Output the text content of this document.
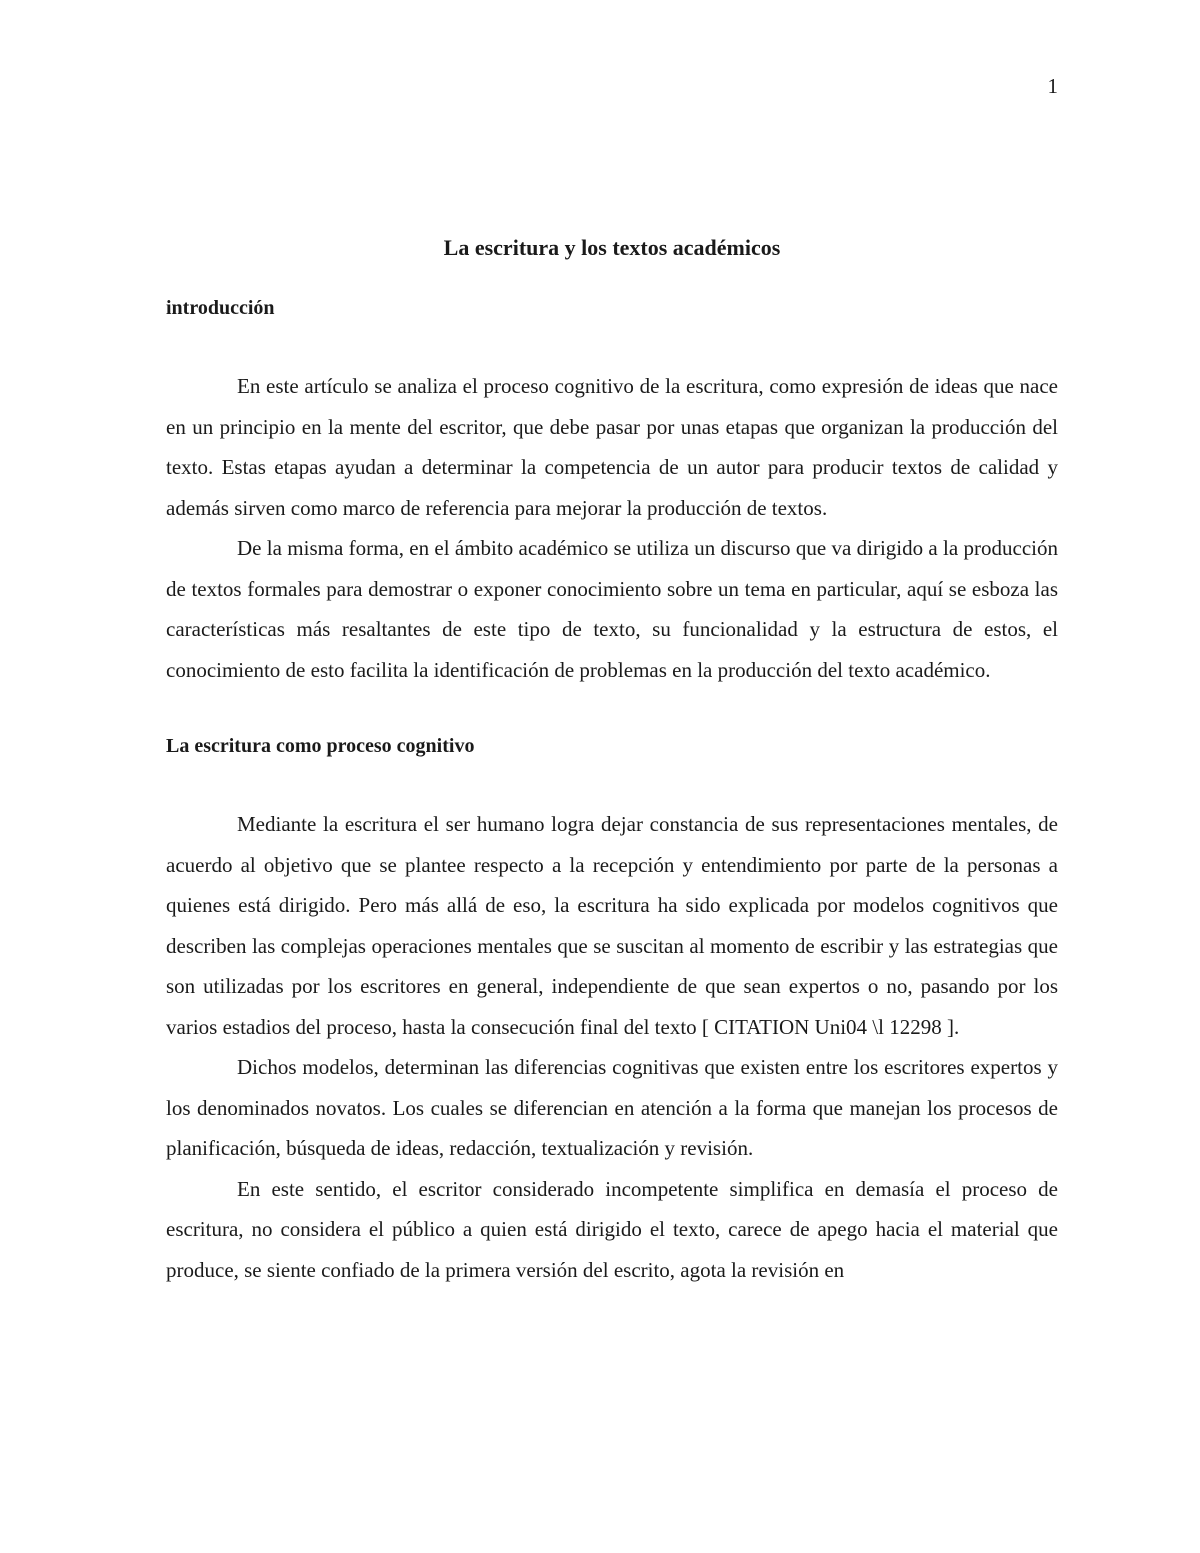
1
La escritura y los textos académicos
introducción

En este artículo se analiza el proceso cognitivo de la escritura, como expresión de ideas que nace en un principio en la mente del escritor, que debe pasar por unas etapas que organizan la producción del texto. Estas etapas ayudan a determinar la competencia de un autor para producir textos de calidad y además sirven como marco de referencia para mejorar la producción de textos.

De la misma forma, en el ámbito académico se utiliza un discurso que va dirigido a la producción de textos formales para demostrar o exponer conocimiento sobre un tema en particular, aquí se esboza las características más resaltantes de este tipo de texto, su funcionalidad y la estructura de estos, el conocimiento de esto facilita la identificación de problemas en la producción del texto académico.

La escritura como proceso cognitivo

Mediante la escritura el ser humano logra dejar constancia de sus representaciones mentales, de acuerdo al objetivo que se plantee respecto a la recepción y entendimiento por parte de la personas a quienes está dirigido. Pero más allá de eso, la escritura ha sido explicada por modelos cognitivos que describen las complejas operaciones mentales que se suscitan al momento de escribir y las estrategias que son utilizadas por los escritores en general, independiente de que sean expertos o no, pasando por los varios estadios del proceso, hasta la consecución final del texto [ CITATION Uni04 \l 12298 ].

Dichos modelos, determinan las diferencias cognitivas que existen entre los escritores expertos y los denominados novatos. Los cuales se diferencian en atención a la forma que manejan los procesos de planificación, búsqueda de ideas, redacción, textualización y revisión.

En este sentido, el escritor considerado incompetente simplifica en demasía el proceso de escritura, no considera el público a quien está dirigido el texto, carece de apego hacia el material que produce, se siente confiado de la primera versión del escrito, agota la revisión en
